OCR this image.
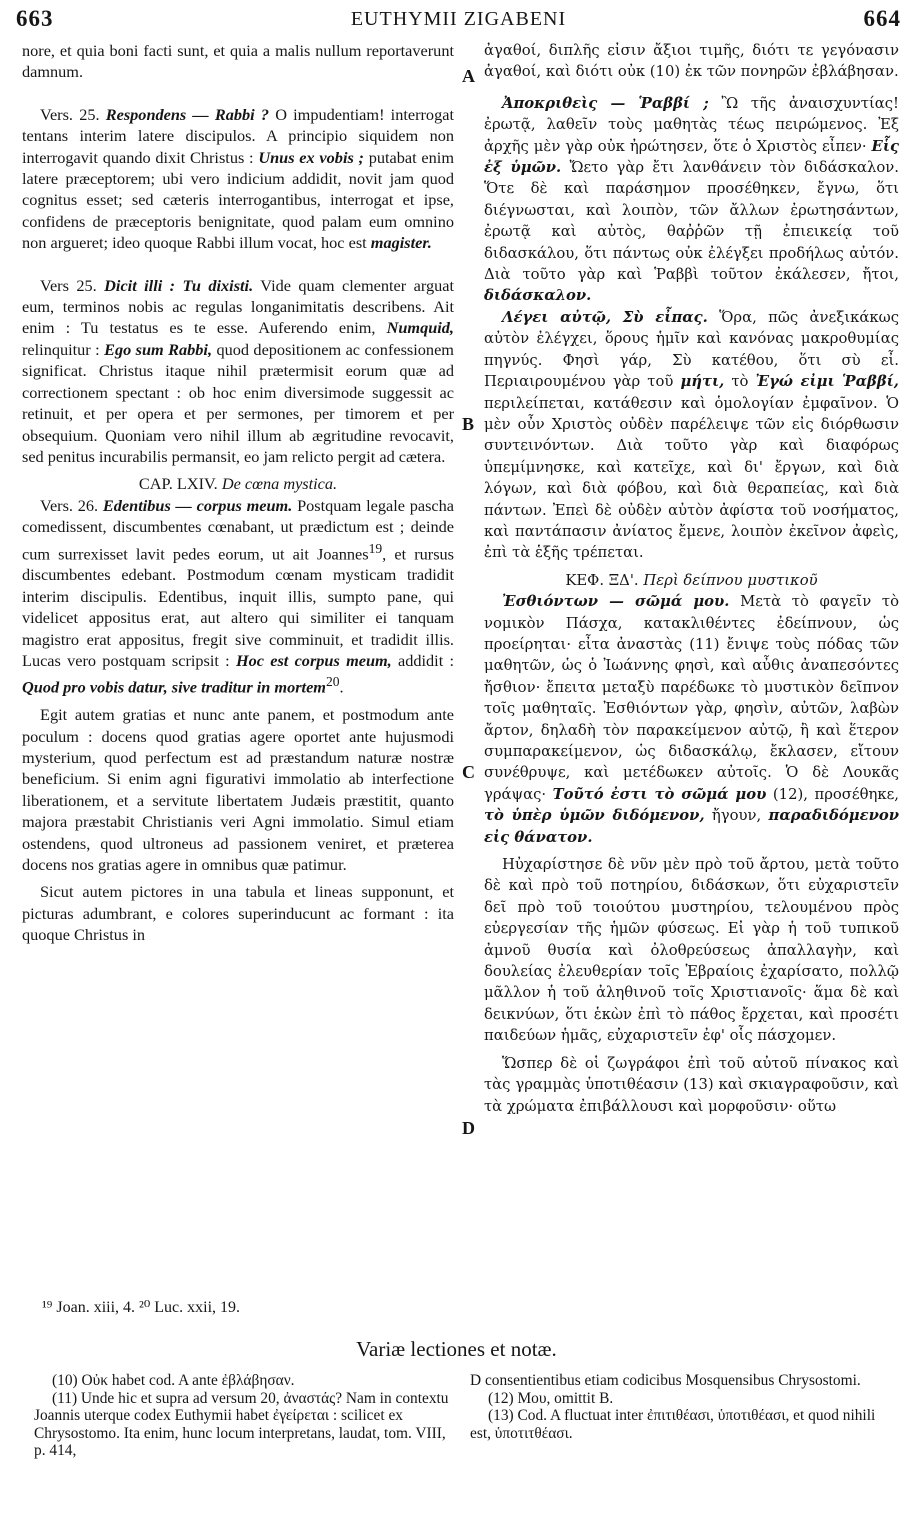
663	EUTHYMII ZIGABENI	664
A
B
C
D

nore, et quia boni facti sunt, et quia a malis nullum reportaverunt damnum.

Vers. 25. Respondens — Rabbi ? O impudentiam! interrogat tentans interim latere discipulos. A principio siquidem non interrogavit quando dixit Christus : Unus ex vobis ; putabat enim latere præceptorem; ubi vero indicium addidit, novit jam quod cognitus esset; sed cæteris interrogantibus, interrogat et ipse, confidens de præceptoris benignitate, quod palam eum omnino non argueret; ideo quoque Rabbi illum vocat, hoc est magister.

Vers 25. Dicit illi : Tu dixisti. Vide quam clementer arguat eum, terminos nobis ac regulas longanimitatis describens. Ait enim : Tu testatus es te esse. Auferendo enim, Numquid, relinquitur : Ego sum Rabbi, quod depositionem ac confessionem significat. Christus itaque nihil prætermisit eorum quæ ad correctionem spectant : ob hoc enim diversimode suggessit ac retinuit, et per opera et per sermones, per timorem et per obsequium. Quoniam vero nihil illum ab ægritudine revocavit, sed penitus incurabilis permansit, eo jam relicto pergit ad cætera.

CAP. LXIV. De cœna mystica.

Vers. 26. Edentibus — corpus meum. Postquam legale pascha comedissent, discumbentes cœnabant, ut prædictum est ; deinde cum surrexisset lavit pedes eorum, ut ait Joannes$^{19}$, et rursus discumbentes edebant. Postmodum cœnam mysticam tradidit interim discipulis. Edentibus, inquit illis, sumpto pane, qui videlicet appositus erat, aut altero qui similiter ei tanquam magistro erat appositus, fregit sive comminuit, et tradidit illis. Lucas vero postquam scripsit : Hoc est corpus meum, addidit : Quod pro vobis datur, sive traditur in mortem$^{20}$.

Egit autem gratias et nunc ante panem, et postmodum ante poculum : docens quod gratias agere oportet ante hujusmodi mysterium, quod perfectum est ad præstandum naturæ nostræ beneficium. Si enim agni figurativi immolatio ab interfectione liberationem, et a servitute libertatem Judæis præstitit, quanto majora præstabit Christianis veri Agni immolatio. Simul etiam ostendens, quod ultroneus ad passionem veniret, et præterea docens nos gratias agere in omnibus quæ patimur.

Sicut autem pictores in una tabula et lineas supponunt, et picturas adumbrant, e colores superinducunt ac formant : ita quoque Christus in

ἀγαθοί, διπλῆς εἰσιν ἄξιοι τιμῆς, διότι τε γεγόνασιν ἀγαθοί, καὶ διότι οὐκ (10) ἐκ τῶν πονηρῶν ἐβλάβησαν.

Ἀποκριθεὶς — Ῥαββί ; Ὢ τῆς ἀναισχυντίας! ἐρωτᾷ, λαθεῖν τοὺς μαθητὰς τέως πειρώμενος. Ἐξ ἀρχῆς μὲν γὰρ οὐκ ἠρώτησεν, ὅτε ὁ Χριστὸς εἶπεν· Εἷς ἐξ ὑμῶν. Ὤετο γὰρ ἔτι λανθάνειν τὸν διδάσκαλον. Ὅτε δὲ καὶ παράσημον προσέθηκεν, ἔγνω, ὅτι διέγνωσται, καὶ λοιπὸν, τῶν ἄλλων ἐρωτησάντων, ἐρωτᾷ καὶ αὐτὸς, θαῤῥῶν τῇ ἐπιεικείᾳ τοῦ διδασκάλου, ὅτι πάντως οὐκ ἐλέγξει προδήλως αὐτόν. Διὰ τοῦτο γὰρ καὶ Ῥαββὶ τοῦτον ἐκάλεσεν, ἤτοι, διδάσκαλον.

Λέγει αὐτῷ, Σὺ εἶπας. Ὅρα, πῶς ἀνεξικάκως αὐτὸν ἐλέγχει, ὅρους ἡμῖν καὶ κανόνας μακροθυμίας πηγνύς. Φησὶ γάρ, Σὺ κατέθου, ὅτι σὺ εἶ. Περιαιρουμένου γὰρ τοῦ μήτι, τὸ Ἐγώ εἰμι Ῥαββί, περιλείπεται, κατάθεσιν καὶ ὁμολογίαν ἐμφαῖνον. Ὁ μὲν οὖν Χριστὸς οὐδὲν παρέλειψε τῶν εἰς διόρθωσιν συντεινόντων. Διὰ τοῦτο γὰρ καὶ διαφόρως ὑπεμίμνησκε, καὶ κατεῖχε, καὶ δι' ἔργων, καὶ διὰ λόγων, καὶ διὰ φόβου, καὶ διὰ θεραπείας, καὶ διὰ πάντων. Ἐπεὶ δὲ οὐδὲν αὐτὸν ἀφίστα τοῦ νοσήματος, καὶ παντάπασιν ἀνίατος ἔμενε, λοιπὸν ἐκεῖνον ἀφεὶς, ἐπὶ τὰ ἑξῆς τρέπεται.

ΚΕΦ. ΞΔ'. Περὶ δείπνου μυστικοῦ

Ἐσθιόντων — σῶμά μου. Μετὰ τὸ φαγεῖν τὸ νομικὸν Πάσχα, κατακλιθέντες ἐδείπνουν, ὡς προείρηται· εἶτα ἀναστὰς (11) ἔνιψε τοὺς πόδας τῶν μαθητῶν, ὡς ὁ Ἰωάννης φησὶ, καὶ αὖθις ἀναπεσόντες ἤσθιον· ἔπειτα μεταξὺ παρέδωκε τὸ μυστικὸν δεῖπνον τοῖς μαθηταῖς. Ἐσθιόντων γὰρ, φησὶν, αὐτῶν, λαβὼν ἄρτον, δηλαδὴ τὸν παρακείμενον αὐτῷ, ἢ καὶ ἕτερον συμπαρακείμενον, ὡς διδασκάλῳ, ἔκλασεν, εἴτουν συνέθρυψε, καὶ μετέδωκεν αὐτοῖς. Ὁ δὲ Λουκᾶς γράψας· Τοῦτό ἐστι τὸ σῶμά μου (12), προσέθηκε, τὸ ὑπὲρ ὑμῶν διδόμενον, ἤγουν, παραδιδόμενον εἰς θάνατον.

Ηὐχαρίστησε δὲ νῦν μὲν πρὸ τοῦ ἄρτου, μετὰ τοῦτο δὲ καὶ πρὸ τοῦ ποτηρίου, διδάσκων, ὅτι εὐχαριστεῖν δεῖ πρὸ τοῦ τοιούτου μυστηρίου, τελουμένου πρὸς εὐεργεσίαν τῆς ἡμῶν φύσεως. Εἰ γὰρ ἡ τοῦ τυπικοῦ ἀμνοῦ θυσία καὶ ὀλοθρεύσεως ἀπαλλαγὴν, καὶ δουλείας ἐλευθερίαν τοῖς Ἑβραίοις ἐχαρίσατο, πολλῷ μᾶλλον ἡ τοῦ ἀληθινοῦ τοῖς Χριστιανοῖς· ἅμα δὲ καὶ δεικνύων, ὅτι ἑκὼν ἐπὶ τὸ πάθος ἔρχεται, καὶ προσέτι παιδεύων ἡμᾶς, εὐχαριστεῖν ἐφ' οἷς πάσχομεν.

Ὥσπερ δὲ οἱ ζωγράφοι ἐπὶ τοῦ αὐτοῦ πίνακος καὶ τὰς γραμμὰς ὑποτιθέασιν (13) καὶ σκιαγραφοῦσιν, καὶ τὰ χρώματα ἐπιβάλλουσι καὶ μορφοῦσιν· οὕτω

¹⁹ Joan. xiii, 4. ²⁰ Luc. xxii, 19.
Variæ lectiones et notæ.

(10) Οὐκ habet cod. A ante ἐβλάβησαν.

(11) Unde hic et supra ad versum 20, ἀναστάς? Nam in contextu Joannis uterque codex Euthymii habet ἐγείρεται : scilicet ex Chrysostomo. Ita enim, hunc locum interpretans, laudat, tom. VIII, p. 414,

D consentientibus etiam codicibus Mosquensibus Chrysostomi.

(12) Μου, omittit B.

(13) Cod. A fluctuat inter ἐπιτιθέασι, ὑποτιθέασι, et quod nihili est, ὑποτιτθέασι.
